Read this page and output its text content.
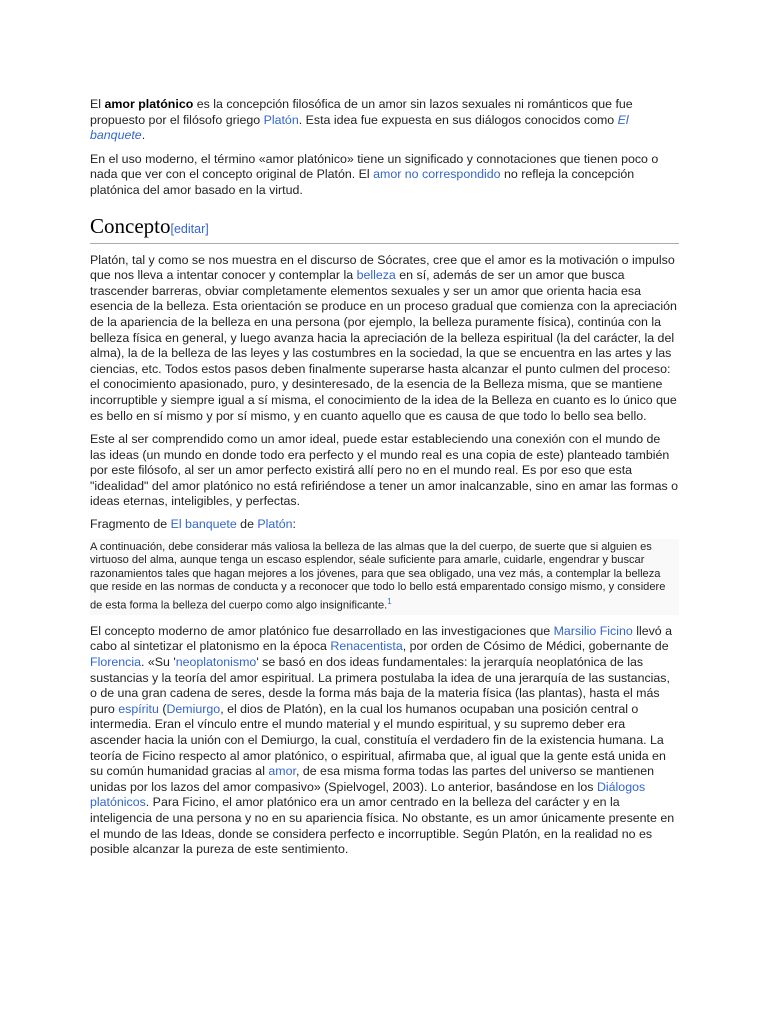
El amor platónico es la concepción filosófica de un amor sin lazos sexuales ni románticos que fue propuesto por el filósofo griego Platón. Esta idea fue expuesta en sus diálogos conocidos como El banquete.

En el uso moderno, el término «amor platónico» tiene un significado y connotaciones que tienen poco o nada que ver con el concepto original de Platón. El amor no correspondido no refleja la concepción platónica del amor basado en la virtud.

Concepto[editar]

Platón, tal y como se nos muestra en el discurso de Sócrates, cree que el amor es la motivación o impulso que nos lleva a intentar conocer y contemplar la belleza en sí, además de ser un amor que busca trascender barreras, obviar completamente elementos sexuales y ser un amor que orienta hacia esa esencia de la belleza. Esta orientación se produce en un proceso gradual que comienza con la apreciación de la apariencia de la belleza en una persona (por ejemplo, la belleza puramente física), continúa con la belleza física en general, y luego avanza hacia la apreciación de la belleza espiritual (la del carácter, la del alma), la de la belleza de las leyes y las costumbres en la sociedad, la que se encuentra en las artes y las ciencias, etc. Todos estos pasos deben finalmente superarse hasta alcanzar el punto culmen del proceso: el conocimiento apasionado, puro, y desinteresado, de la esencia de la Belleza misma, que se mantiene incorruptible y siempre igual a sí misma, el conocimiento de la idea de la Belleza en cuanto es lo único que es bello en sí mismo y por sí mismo, y en cuanto aquello que es causa de que todo lo bello sea bello.

Este al ser comprendido como un amor ideal, puede estar estableciendo una conexión con el mundo de las ideas (un mundo en donde todo era perfecto y el mundo real es una copia de este) planteado también por este filósofo, al ser un amor perfecto existirá allí pero no en el mundo real. Es por eso que esta "idealidad" del amor platónico no está refiriéndose a tener un amor inalcanzable, sino en amar las formas o ideas eternas, inteligibles, y perfectas.

Fragmento de El banquete de Platón:

A continuación, debe considerar más valiosa la belleza de las almas que la del cuerpo, de suerte que si alguien es virtuoso del alma, aunque tenga un escaso esplendor, séale suficiente para amarle, cuidarle, engendrar y buscar razonamientos tales que hagan mejores a los jóvenes, para que sea obligado, una vez más, a contemplar la belleza que reside en las normas de conducta y a reconocer que todo lo bello está emparentado consigo mismo, y considere de esta forma la belleza del cuerpo como algo insignificante.$^1$

El concepto moderno de amor platónico fue desarrollado en las investigaciones que Marsilio Ficino llevó a cabo al sintetizar el platonismo en la época Renacentista, por orden de Cósimo de Médici, gobernante de Florencia. «Su 'neoplatonismo' se basó en dos ideas fundamentales: la jerarquía neoplatónica de las sustancias y la teoría del amor espiritual. La primera postulaba la idea de una jerarquía de las sustancias, o de una gran cadena de seres, desde la forma más baja de la materia física (las plantas), hasta el más puro espíritu (Demiurgo, el dios de Platón), en la cual los humanos ocupaban una posición central o intermedia. Eran el vínculo entre el mundo material y el mundo espiritual, y su supremo deber era ascender hacia la unión con el Demiurgo, la cual, constituía el verdadero fin de la existencia humana. La teoría de Ficino respecto al amor platónico, o espiritual, afirmaba que, al igual que la gente está unida en su común humanidad gracias al amor, de esa misma forma todas las partes del universo se mantienen unidas por los lazos del amor compasivo» (Spielvogel, 2003). Lo anterior, basándose en los Diálogos platónicos. Para Ficino, el amor platónico era un amor centrado en la belleza del carácter y en la inteligencia de una persona y no en su apariencia física. No obstante, es un amor únicamente presente en el mundo de las Ideas, donde se considera perfecto e incorruptible. Según Platón, en la realidad no es posible alcanzar la pureza de este sentimiento.
